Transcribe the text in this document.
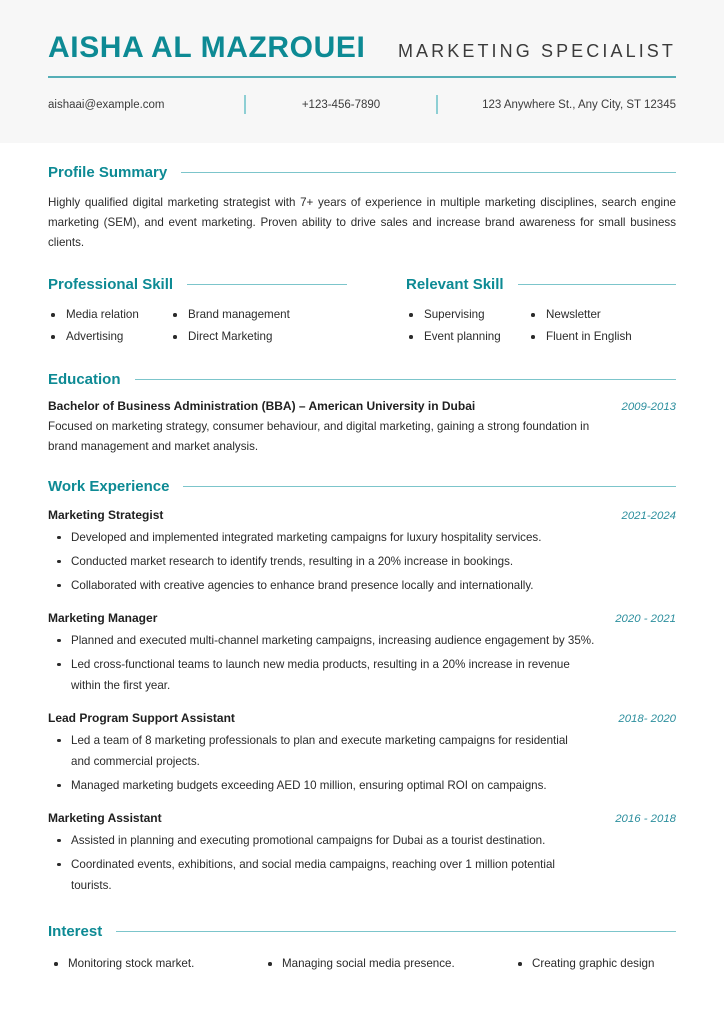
AISHA AL MAZROUEI MARKETING SPECIALIST
aishaai@example.com	+123-456-7890	123 Anywhere St., Any City, ST 12345
Profile Summary
Highly qualified digital marketing strategist with 7+ years of experience in multiple marketing disciplines, search engine marketing (SEM), and event marketing. Proven ability to drive sales and increase brand awareness for small business clients.
Professional Skill
Media relation
Advertising
Brand management
Direct Marketing
Relevant Skill
Supervising
Event planning
Newsletter
Fluent in English
Education
Bachelor of Business Administration (BBA) – American University in Dubai	2009-2013
Focused on marketing strategy, consumer behaviour, and digital marketing, gaining a strong foundation in brand management and market analysis.
Work Experience
Marketing Strategist	2021-2024
Developed and implemented integrated marketing campaigns for luxury hospitality services.
Conducted market research to identify trends, resulting in a 20% increase in bookings.
Collaborated with creative agencies to enhance brand presence locally and internationally.
Marketing Manager	2020 - 2021
Planned and executed multi-channel marketing campaigns, increasing audience engagement by 35%.
Led cross-functional teams to launch new media products, resulting in a 20% increase in revenue within the first year.
Lead Program Support Assistant	2018- 2020
Led a team of 8 marketing professionals to plan and execute marketing campaigns for residential and commercial projects.
Managed marketing budgets exceeding AED 10 million, ensuring optimal ROI on campaigns.
Marketing Assistant	2016 - 2018
Assisted in planning and executing promotional campaigns for Dubai as a tourist destination.
Coordinated events, exhibitions, and social media campaigns, reaching over 1 million potential tourists.
Interest
Monitoring stock market.	Managing social media presence.	Creating graphic design
